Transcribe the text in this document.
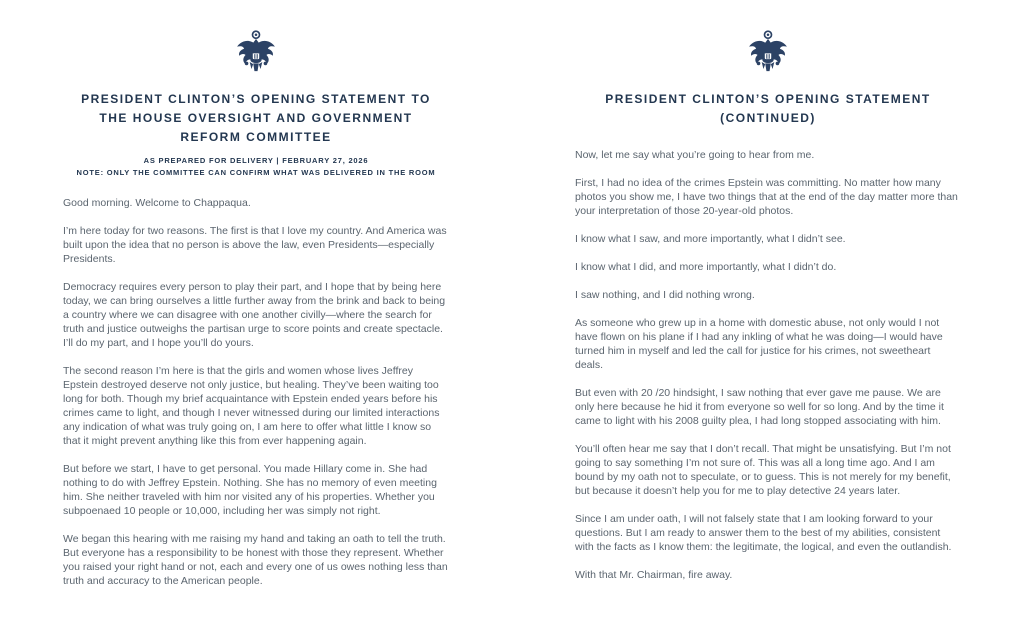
PRESIDENT CLINTON’S OPENING STATEMENT TO
THE HOUSE OVERSIGHT AND GOVERNMENT
REFORM COMMITTEE
AS PREPARED FOR DELIVERY | FEBRUARY 27, 2026
NOTE: ONLY THE COMMITTEE CAN CONFIRM WHAT WAS DELIVERED IN THE ROOM

Good morning. Welcome to Chappaqua.

I’m here today for two reasons. The first is that I love my country. And America was built upon the idea that no person is above the law, even Presidents—especially Presidents.

Democracy requires every person to play their part, and I hope that by being here today, we can bring ourselves a little further away from the brink and back to being a country where we can disagree with one another civilly—where the search for truth and justice outweighs the partisan urge to score points and create spectacle. I’ll do my part, and I hope you’ll do yours.

The second reason I’m here is that the girls and women whose lives Jeffrey Epstein destroyed deserve not only justice, but healing. They’ve been waiting too long for both. Though my brief acquaintance with Epstein ended years before his crimes came to light, and though I never witnessed during our limited interactions any indication of what was truly going on, I am here to offer what little I know so that it might prevent anything like this from ever happening again.

But before we start, I have to get personal. You made Hillary come in. She had nothing to do with Jeffrey Epstein. Nothing. She has no memory of even meeting him. She neither traveled with him nor visited any of his properties. Whether you subpoenaed 10 people or 10,000, including her was simply not right.

We began this hearing with me raising my hand and taking an oath to tell the truth. But everyone has a responsibility to be honest with those they represent. Whether you raised your right hand or not, each and every one of us owes nothing less than truth and accuracy to the American people.

PRESIDENT CLINTON’S OPENING STATEMENT
(CONTINUED)

Now, let me say what you’re going to hear from me.

First, I had no idea of the crimes Epstein was committing. No matter how many photos you show me, I have two things that at the end of the day matter more than your interpretation of those 20-year-old photos.

I know what I saw, and more importantly, what I didn’t see.

I know what I did, and more importantly, what I didn’t do.

I saw nothing, and I did nothing wrong.

As someone who grew up in a home with domestic abuse, not only would I not have flown on his plane if I had any inkling of what he was doing—I would have turned him in myself and led the call for justice for his crimes, not sweetheart deals.

But even with 20 /20 hindsight, I saw nothing that ever gave me pause. We are only here because he hid it from everyone so well for so long. And by the time it came to light with his 2008 guilty plea, I had long stopped associating with him.

You’ll often hear me say that I don’t recall. That might be unsatisfying. But I’m not going to say something I’m not sure of. This was all a long time ago. And I am bound by my oath not to speculate, or to guess. This is not merely for my benefit, but because it doesn’t help you for me to play detective 24 years later.

Since I am under oath, I will not falsely state that I am looking forward to your questions. But I am ready to answer them to the best of my abilities, consistent with the facts as I know them: the legitimate, the logical, and even the outlandish.

With that Mr. Chairman, fire away.
